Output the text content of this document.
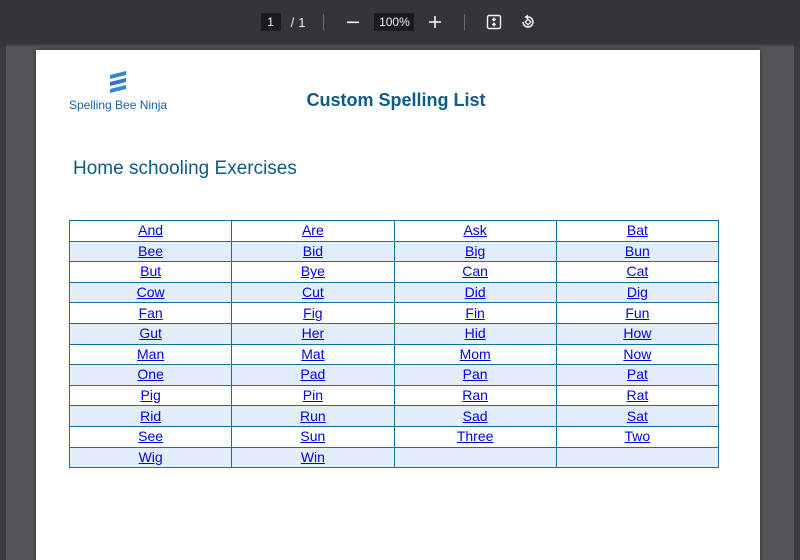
1
/ 1
100%
Spelling Bee Ninja	Custom Spelling List
Home schooling Exercises
And	Are	Ask	Bat
Bee	Bid	Big	Bun
But	Bye	Can	Cat
Cow	Cut	Did	Dig
Fan	Fig	Fin	Fun
Gut	Her	Hid	How
Man	Mat	Mom	Now
One	Pad	Pan	Pat
Pig	Pin	Ran	Rat
Rid	Run	Sad	Sat
See	Sun	Three	Two
Wig	Win		
